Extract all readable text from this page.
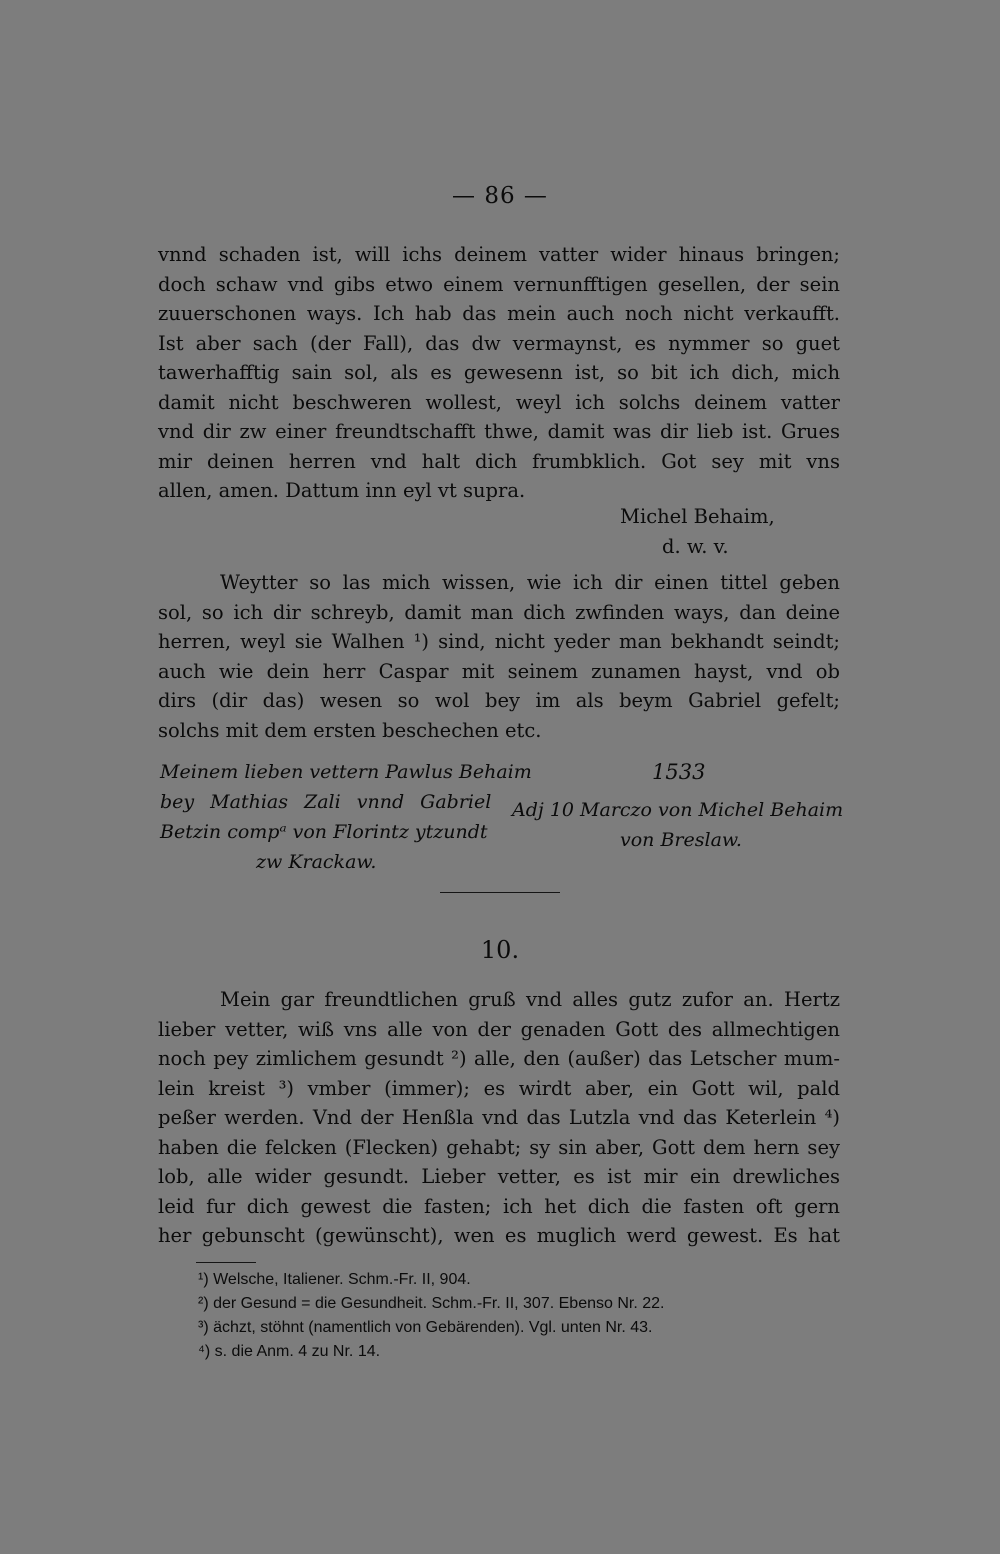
— 86 —
vnnd schaden ist, will ichs deinem vatter wider hinaus bringen;
doch schaw vnd gibs etwo einem vernunfftigen gesellen, der sein
zuuerschonen ways. Ich hab das mein auch noch nicht verkaufft.
Ist aber sach (der Fall), das dw vermaynst, es nymmer so guet
tawerhafftig sain sol, als es gewesenn ist, so bit ich dich, mich
damit nicht beschweren wollest, weyl ich solchs deinem vatter
vnd dir zw einer freundtschafft thwe, damit was dir lieb ist. Grues
mir deinen herren vnd halt dich frumbklich. Got sey mit vns
allen, amen. Dattum inn eyl vt supra.
Michel Behaim,
d. w. v.
Weytter so las mich wissen, wie ich dir einen tittel geben
sol, so ich dir schreyb, damit man dich zwfinden ways, dan deine
herren, weyl sie Walhen ¹) sind, nicht yeder man bekhandt seindt;
auch wie dein herr Caspar mit seinem zunamen hayst, vnd ob
dirs (dir das) wesen so wol bey im als beym Gabriel gefelt;
solchs mit dem ersten beschechen etc.
Meinem lieben vettern Pawlus Behaim
bey Mathias Zali vnnd Gabriel
Betzin compᵃ von Florintz ytzundt
zw Krackaw.
1533
Adj 10 Marczo von Michel Behaim
von Breslaw.
10.
Mein gar freundtlichen gruß vnd alles gutz zufor an. Hertz
lieber vetter, wiß vns alle von der genaden Gott des allmechtigen
noch pey zimlichem gesundt ²) alle, den (außer) das Letscher mum-
lein kreist ³) vmber (immer); es wirdt aber, ein Gott wil, pald
peßer werden. Vnd der Henßla vnd das Lutzla vnd das Keterlein ⁴)
haben die felcken (Flecken) gehabt; sy sin aber, Gott dem hern sey
lob, alle wider gesundt. Lieber vetter, es ist mir ein drewliches
leid fur dich gewest die fasten; ich het dich die fasten oft gern
her gebunscht (gewünscht), wen es muglich werd gewest. Es hat
¹) Welsche, Italiener. Schm.-Fr. II, 904.
²) der Gesund = die Gesundheit. Schm.-Fr. II, 307. Ebenso Nr. 22.
³) ächzt, stöhnt (namentlich von Gebärenden). Vgl. unten Nr. 43.
⁴) s. die Anm. 4 zu Nr. 14.
